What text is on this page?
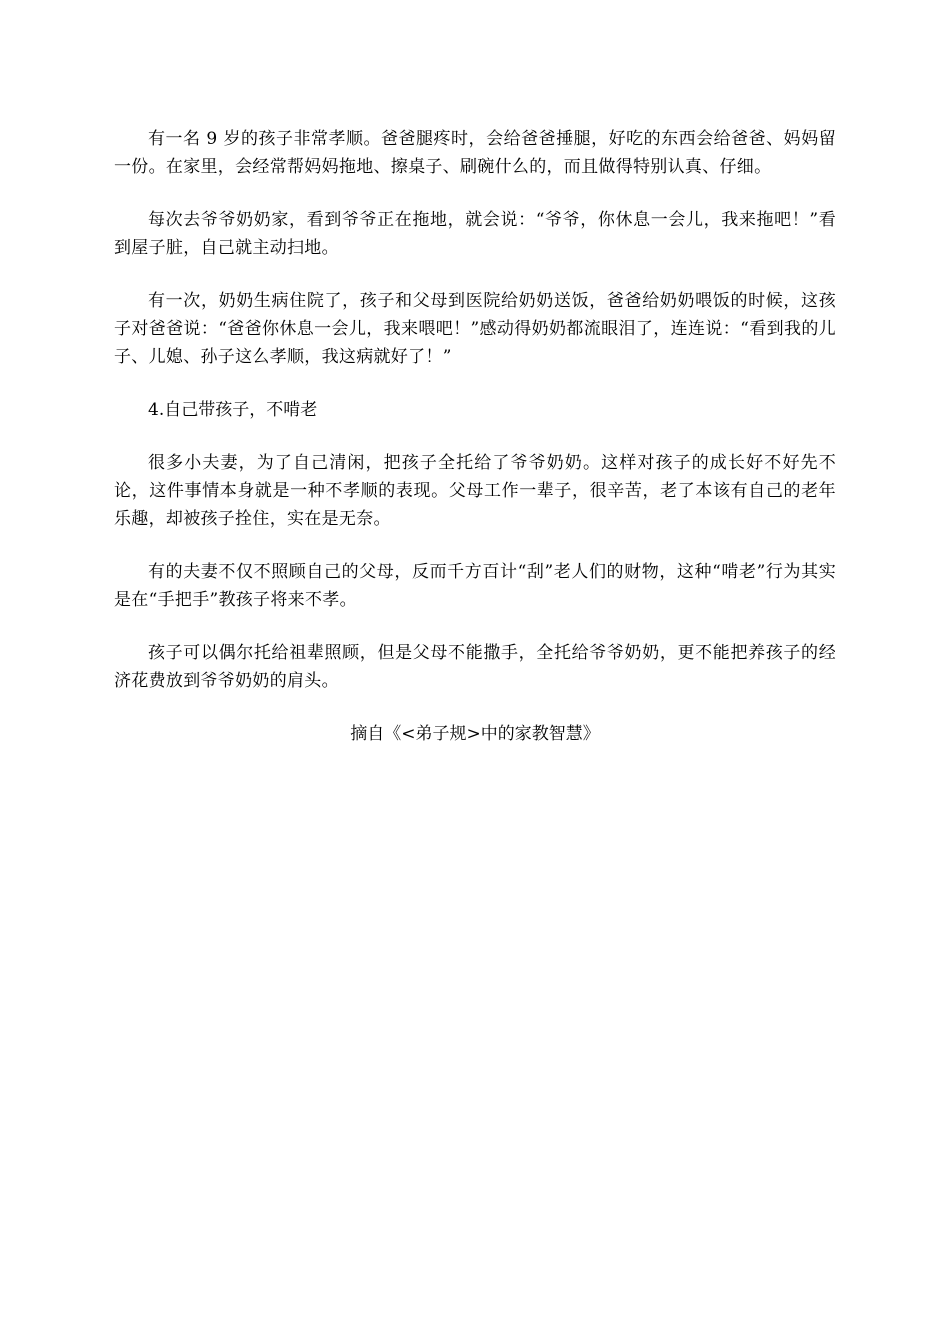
有一名 9 岁的孩子非常孝顺。爸爸腿疼时，会给爸爸捶腿，好吃的东西会给爸爸、妈妈留一份。在家里，会经常帮妈妈拖地、擦桌子、刷碗什么的，而且做得特别认真、仔细。

每次去爷爷奶奶家，看到爷爷正在拖地，就会说：“爷爷，你休息一会儿，我来拖吧！”看到屋子脏，自己就主动扫地。

有一次，奶奶生病住院了，孩子和父母到医院给奶奶送饭，爸爸给奶奶喂饭的时候，这孩子对爸爸说：“爸爸你休息一会儿，我来喂吧！”感动得奶奶都流眼泪了，连连说：“看到我的儿子、儿媳、孙子这么孝顺，我这病就好了！”

4.自己带孩子，不啃老

很多小夫妻，为了自己清闲，把孩子全托给了爷爷奶奶。这样对孩子的成长好不好先不论，这件事情本身就是一种不孝顺的表现。父母工作一辈子，很辛苦，老了本该有自己的老年乐趣，却被孩子拴住，实在是无奈。

有的夫妻不仅不照顾自己的父母，反而千方百计“刮”老人们的财物，这种“啃老”行为其实是在“手把手”教孩子将来不孝。

孩子可以偶尔托给祖辈照顾，但是父母不能撒手，全托给爷爷奶奶，更不能把养孩子的经济花费放到爷爷奶奶的肩头。

摘自《<弟子规>中的家教智慧》
